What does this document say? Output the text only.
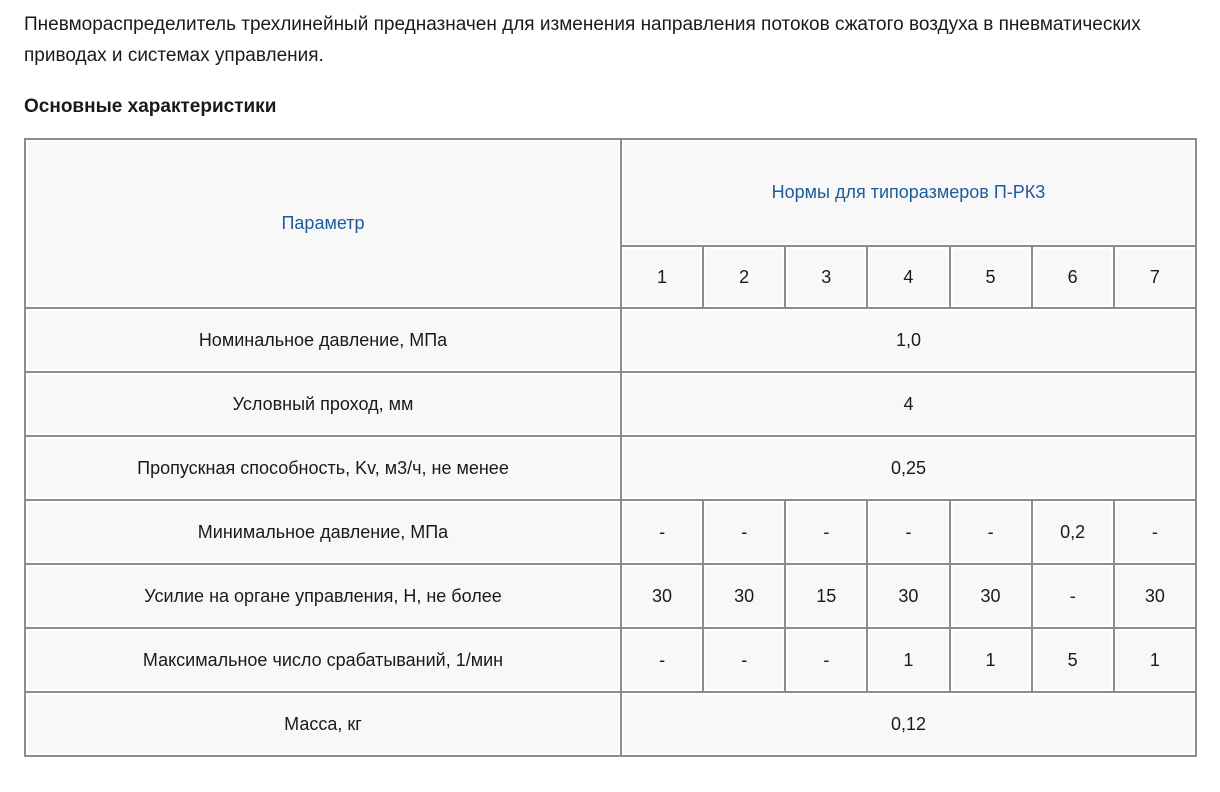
Пневмораспределитель трехлинейный предназначен для изменения направления потоков сжатого воздуха в пневматических приводах и системах управления.

Основные характеристики
Параметр	Нормы для типоразмеров П-РК3						
	1	2	3	4	5	6	7
Номинальное давление, МПа	1,0						
Условный проход, мм	4						
Пропускная способность, Kv, м3/ч, не менее	0,25						
Минимальное давление, МПа	-	-	-	-	-	0,2	-
Усилие на органе управления, Н, не более	30	30	15	30	30	-	30
Максимальное число срабатываний, 1/мин	-	-	-	1	1	5	1
Масса, кг	0,12						
